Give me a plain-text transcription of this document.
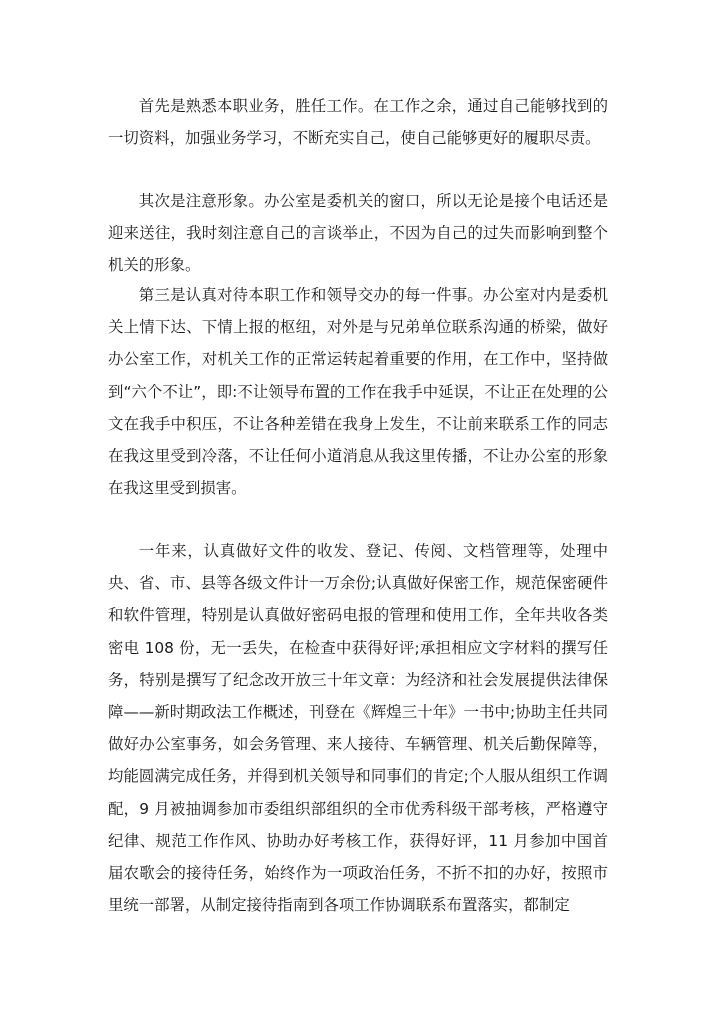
首先是熟悉本职业务，胜任工作。在工作之余，通过自己能够找到的一切资料，加强业务学习，不断充实自己，使自己能够更好的履职尽责。

其次是注意形象。办公室是委机关的窗口，所以无论是接个电话还是迎来送往，我时刻注意自己的言谈举止，不因为自己的过失而影响到整个机关的形象。

第三是认真对待本职工作和领导交办的每一件事。办公室对内是委机关上情下达、下情上报的枢纽，对外是与兄弟单位联系沟通的桥梁，做好办公室工作，对机关工作的正常运转起着重要的作用，在工作中，坚持做到“六个不让”，即:不让领导布置的工作在我手中延误，不让正在处理的公文在我手中积压，不让各种差错在我身上发生，不让前来联系工作的同志在我这里受到冷落，不让任何小道消息从我这里传播，不让办公室的形象在我这里受到损害。

一年来，认真做好文件的收发、登记、传阅、文档管理等，处理中央、省、市、县等各级文件计一万余份;认真做好保密工作，规范保密硬件和软件管理，特别是认真做好密码电报的管理和使用工作，全年共收各类密电 108 份，无一丢失，在检查中获得好评;承担相应文字材料的撰写任务，特别是撰写了纪念改开放三十年文章：为经济和社会发展提供法律保障——新时期政法工作概述，刊登在《辉煌三十年》一书中;协助主任共同做好办公室事务，如会务管理、来人接待、车辆管理、机关后勤保障等，均能圆满完成任务，并得到机关领导和同事们的肯定;个人服从组织工作调配，9 月被抽调参加市委组织部组织的全市优秀科级干部考核，严格遵守纪律、规范工作作风、协助办好考核工作，获得好评，11 月参加中国首届农歌会的接待任务，始终作为一项政治任务，不折不扣的办好，按照市里统一部署，从制定接待指南到各项工作协调联系布置落实，都制定
